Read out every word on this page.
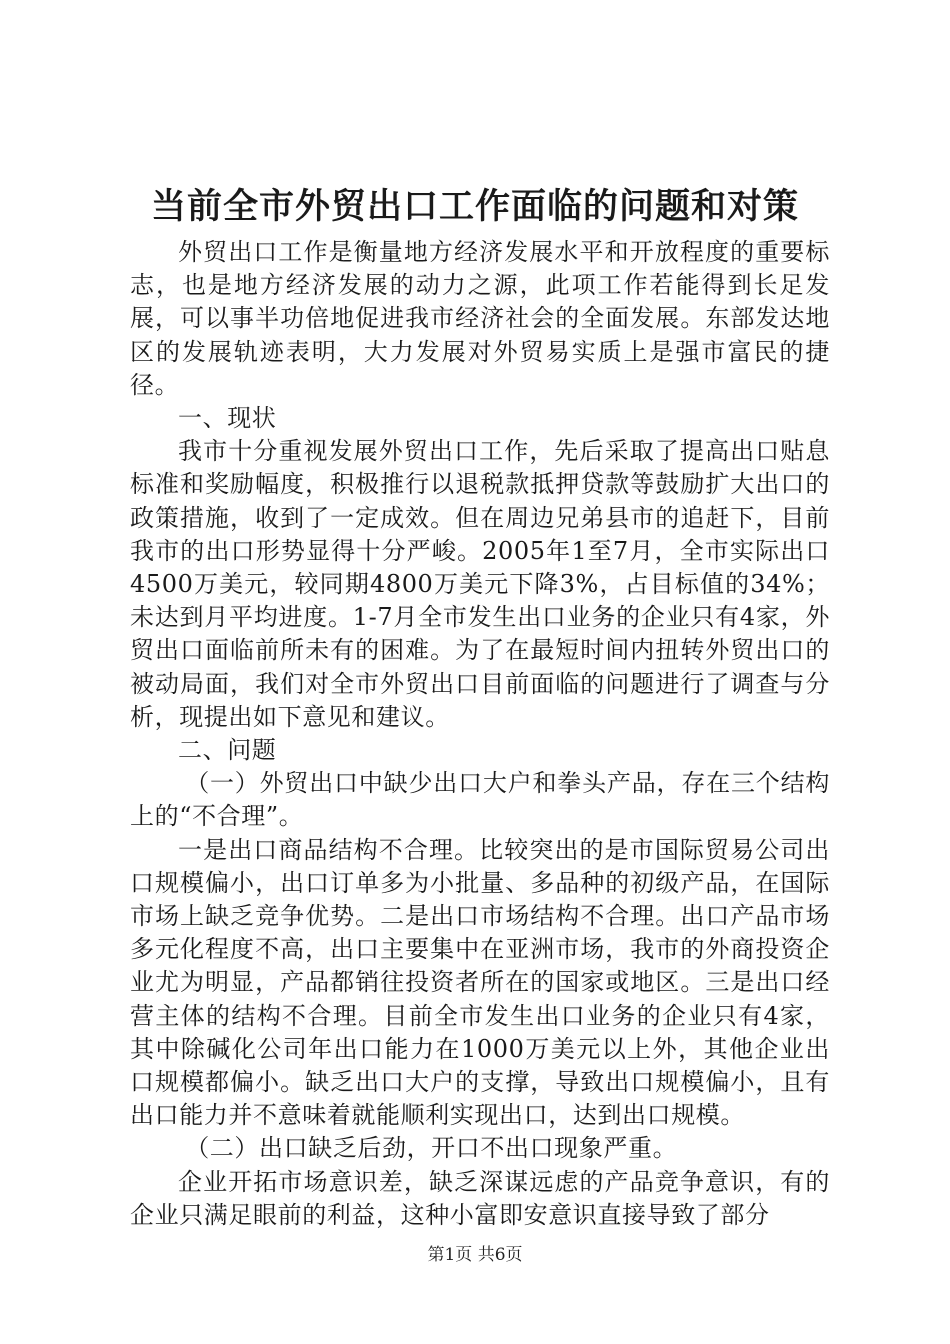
当前全市外贸出口工作面临的问题和对策

外贸出口工作是衡量地方经济发展水平和开放程度的重要标志，也是地方经济发展的动力之源，此项工作若能得到长足发展，可以事半功倍地促进我市经济社会的全面发展。东部发达地区的发展轨迹表明，大力发展对外贸易实质上是强市富民的捷径。

一、现状

我市十分重视发展外贸出口工作，先后采取了提高出口贴息标准和奖励幅度，积极推行以退税款抵押贷款等鼓励扩大出口的政策措施，收到了一定成效。但在周边兄弟县市的追赶下，目前我市的出口形势显得十分严峻。2005年1至7月，全市实际出口4500万美元，较同期4800万美元下降3%，占目标值的34%；未达到月平均进度。1-7月全市发生出口业务的企业只有4家，外贸出口面临前所未有的困难。为了在最短时间内扭转外贸出口的被动局面，我们对全市外贸出口目前面临的问题进行了调查与分析，现提出如下意见和建议。

二、问题

（一）外贸出口中缺少出口大户和拳头产品，存在三个结构上的“不合理”。

一是出口商品结构不合理。比较突出的是市国际贸易公司出口规模偏小，出口订单多为小批量、多品种的初级产品，在国际市场上缺乏竞争优势。二是出口市场结构不合理。出口产品市场多元化程度不高，出口主要集中在亚洲市场，我市的外商投资企业尤为明显，产品都销往投资者所在的国家或地区。三是出口经营主体的结构不合理。目前全市发生出口业务的企业只有4家，其中除碱化公司年出口能力在1000万美元以上外，其他企业出口规模都偏小。缺乏出口大户的支撑，导致出口规模偏小，且有出口能力并不意味着就能顺利实现出口，达到出口规模。

（二）出口缺乏后劲，开口不出口现象严重。

企业开拓市场意识差，缺乏深谋远虑的产品竞争意识，有的企业只满足眼前的利益，这种小富即安意识直接导致了部分

第1页 共6页
